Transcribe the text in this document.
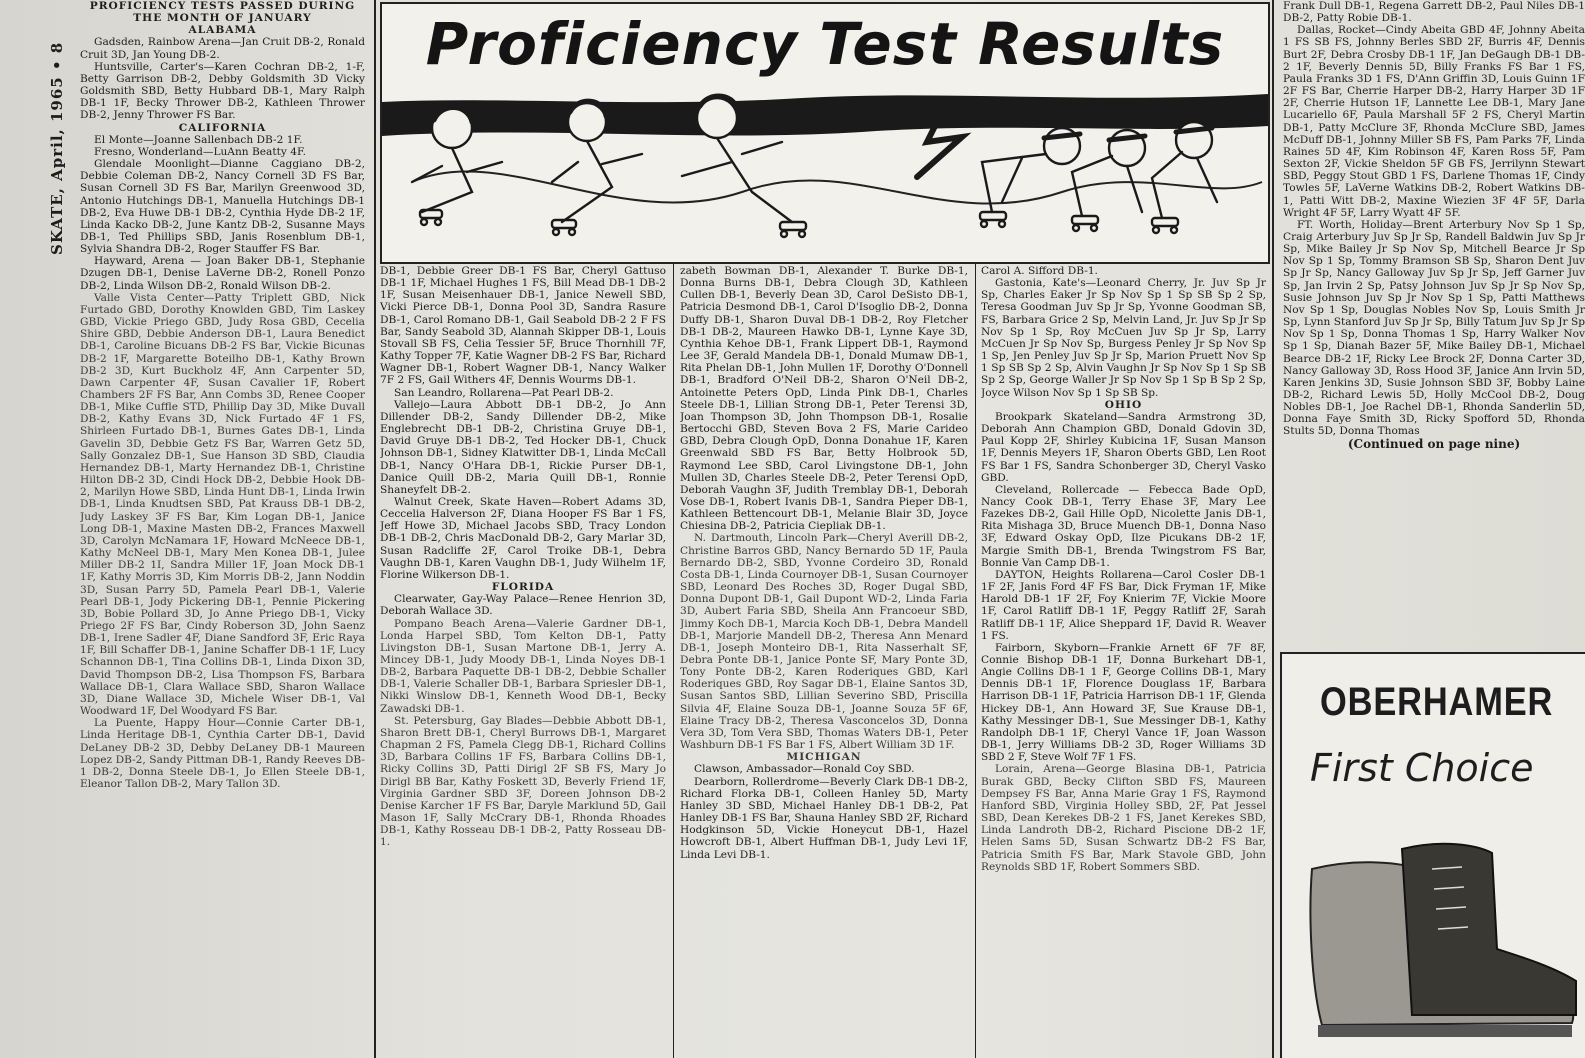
SKATE, April, 1965 • 8

PROFICIENCY TESTS PASSED DURING THE MONTH OF JANUARY

ALABAMA

Gadsden, Rainbow Arena—Jan Cruit DB-2, Ronald Cruit 3D, Jan Young DB-2.

Huntsville, Carter's—Karen Cochran DB-2, 1-F, Betty Garrison DB-2, Debby Goldsmith 3D Vicky Goldsmith SBD, Betty Hubbard DB-1, Mary Ralph DB-1 1F, Becky Thrower DB-2, Kathleen Thrower DB-2, Jenny Thrower FS Bar.

CALIFORNIA

El Monte—Joanne Sallenbach DB-2 1F.

Fresno, Wonderland—LuAnn Beatty 4F.

Glendale Moonlight—Dianne Caggiano DB-2, Debbie Coleman DB-2, Nancy Cornell 3D FS Bar, Susan Cornell 3D FS Bar, Marilyn Greenwood 3D, Antonio Hutchings DB-1, Manuella Hutchings DB-1 DB-2, Eva Huwe DB-1 DB-2, Cynthia Hyde DB-2 1F, Linda Kacko DB-2, June Kantz DB-2, Susanne Mays DB-1, Ted Phillips SBD, Janis Rosenblum DB-1, Sylvia Shandra DB-2, Roger Stauffer FS Bar.

Hayward, Arena — Joan Baker DB-1, Stephanie Dzugen DB-1, Denise LaVerne DB-2, Ronell Ponzo DB-2, Linda Wilson DB-2, Ronald Wilson DB-2.

Valle Vista Center—Patty Triplett GBD, Nick Furtado GBD, Dorothy Knowlden GBD, Tim Laskey GBD, Vickie Priego GBD, Judy Rosa GBD, Cecelia Shire GBD, Debbie Anderson DB-1, Laura Benedict DB-1, Caroline Bicuans DB-2 FS Bar, Vickie Bicunas DB-2 1F, Margarette Boteilho DB-1, Kathy Brown DB-2 3D, Kurt Buckholz 4F, Ann Carpenter 5D, Dawn Carpenter 4F, Susan Cavalier 1F, Robert Chambers 2F FS Bar, Ann Combs 3D, Renee Cooper DB-1, Mike Cuffle STD, Phillip Day 3D, Mike Duvall DB-2, Kathy Evans 3D, Nick Furtado 4F 1 FS, Shirleen Furtado DB-1, Burnes Gates DB-1, Linda Gavelin 3D, Debbie Getz FS Bar, Warren Getz 5D, Sally Gonzalez DB-1, Sue Hanson 3D SBD, Claudia Hernandez DB-1, Marty Hernandez DB-1, Christine Hilton DB-2 3D, Cindi Hock DB-2, Debbie Hook DB-2, Marilyn Howe SBD, Linda Hunt DB-1, Linda Irwin DB-1, Linda Knudtsen SBD, Pat Krauss DB-1 DB-2, Judy Laskey 3F FS Bar, Kim Logan DB-1, Janice Long DB-1, Maxine Masten DB-2, Frances Maxwell 3D, Carolyn McNamara 1F, Howard McNeece DB-1, Kathy McNeel DB-1, Mary Men Konea DB-1, Julee Miller DB-2 1I, Sandra Miller 1F, Joan Mock DB-1 1F, Kathy Morris 3D, Kim Morris DB-2, Jann Noddin 3D, Susan Parry 5D, Pamela Pearl DB-1, Valerie Pearl DB-1, Jody Pickering DB-1, Pennie Pickering 3D, Bobie Pollard 3D, Jo Anne Priego DB-1, Vicky Priego 2F FS Bar, Cindy Roberson 3D, John Saenz DB-1, Irene Sadler 4F, Diane Sandford 3F, Eric Raya 1F, Bill Schaffer DB-1, Janine Schaffer DB-1 1F, Lucy Schannon DB-1, Tina Collins DB-1, Linda Dixon 3D, David Thompson DB-2, Lisa Thompson FS, Barbara Wallace DB-1, Clara Wallace SBD, Sharon Wallace 3D, Diane Wallace 3D, Michele Wiser DB-1, Val Woodward 1F, Del Woodyard FS Bar.

La Puente, Happy Hour—Connie Carter DB-1, Linda Heritage DB-1, Cynthia Carter DB-1, David DeLaney DB-2 3D, Debby DeLaney DB-1 Maureen Lopez DB-2, Sandy Pittman DB-1, Randy Reeves DB-1 DB-2, Donna Steele DB-1, Jo Ellen Steele DB-1, Eleanor Tallon DB-2, Mary Tallon 3D.

Proficiency Test Results

DB-1, Debbie Greer DB-1 FS Bar, Cheryl Gattuso DB-1 1F, Michael Hughes 1 FS, Bill Mead DB-1 DB-2 1F, Susan Meisenhauer DB-1, Janice Newell SBD, Vicki Pierce DB-1, Donna Pool 3D, Sandra Rasure DB-1, Carol Romano DB-1, Gail Seabold DB-2 2 F FS Bar, Sandy Seabold 3D, Alannah Skipper DB-1, Louis Stovall SB FS, Celia Tessier 5F, Bruce Thornhill 7F, Kathy Topper 7F, Katie Wagner DB-2 FS Bar, Richard Wagner DB-1, Robert Wagner DB-1, Nancy Walker 7F 2 FS, Gail Withers 4F, Dennis Wourms DB-1.

San Leandro, Rollarena—Pat Pearl DB-2.

Vallejo—Laura Abbott DB-1 DB-2, Jo Ann Dillender DB-2, Sandy Dillender DB-2, Mike Englebrecht DB-1 DB-2, Christina Gruye DB-1, David Gruye DB-1 DB-2, Ted Hocker DB-1, Chuck Johnson DB-1, Sidney Klatwitter DB-1, Linda McCall DB-1, Nancy O'Hara DB-1, Rickie Purser DB-1, Danice Quill DB-2, Maria Quill DB-1, Ronnie Shaneyfelt DB-2.

Walnut Creek, Skate Haven—Robert Adams 3D, Ceccelia Halverson 2F, Diana Hooper FS Bar 1 FS, Jeff Howe 3D, Michael Jacobs SBD, Tracy London DB-1 DB-2, Chris MacDonald DB-2, Gary Marlar 3D, Susan Radcliffe 2F, Carol Troike DB-1, Debra Vaughn DB-1, Karen Vaughn DB-1, Judy Wilhelm 1F, Florine Wilkerson DB-1.

FLORIDA

Clearwater, Gay-Way Palace—Renee Henrion 3D, Deborah Wallace 3D.

Pompano Beach Arena—Valerie Gardner DB-1, Londa Harpel SBD, Tom Kelton DB-1, Patty Livingston DB-1, Susan Martone DB-1, Jerry A. Mincey DB-1, Judy Moody DB-1, Linda Noyes DB-1 DB-2, Barbara Paquette DB-1 DB-2, Debbie Schaller DB-1, Valerie Schaller DB-1, Barbara Spriesler DB-1, Nikki Winslow DB-1, Kenneth Wood DB-1, Becky Zawadski DB-1.

St. Petersburg, Gay Blades—Debbie Abbott DB-1, Sharon Brett DB-1, Cheryl Burrows DB-1, Margaret Chapman 2 FS, Pamela Clegg DB-1, Richard Collins 3D, Barbara Collins 1F FS, Barbara Collins DB-1, Ricky Collins 3D, Patti Dirigl 2F SB FS, Mary Jo Dirigl BB Bar, Kathy Foskett 3D, Beverly Friend 1F, Virginia Gardner SBD 3F, Doreen Johnson DB-2 Denise Karcher 1F FS Bar, Daryle Marklund 5D, Gail Mason 1F, Sally McCrary DB-1, Rhonda Rhoades DB-1, Kathy Rosseau DB-1 DB-2, Patty Rosseau DB-1.

zabeth Bowman DB-1, Alexander T. Burke DB-1, Donna Burns DB-1, Debra Clough 3D, Kathleen Cullen DB-1, Beverly Dean 3D, Carol DeSisto DB-1, Patricia Desmond DB-1, Carol D'Isoglio DB-2, Donna Duffy DB-1, Sharon Duval DB-1 DB-2, Roy Fletcher DB-1 DB-2, Maureen Hawko DB-1, Lynne Kaye 3D, Cynthia Kehoe DB-1, Frank Lippert DB-1, Raymond Lee 3F, Gerald Mandela DB-1, Donald Mumaw DB-1, Rita Phelan DB-1, John Mullen 1F, Dorothy O'Donnell DB-1, Bradford O'Neil DB-2, Sharon O'Neil DB-2, Antoinette Peters OpD, Linda Pink DB-1, Charles Steele DB-1, Lillian Strong DB-1, Peter Terensi 3D, Joan Thompson 3D, John Thompson DB-1, Rosalie Bertocchi GBD, Steven Bova 2 FS, Marie Carideo GBD, Debra Clough OpD, Donna Donahue 1F, Karen Greenwald SBD FS Bar, Betty Holbrook 5D, Raymond Lee SBD, Carol Livingstone DB-1, John Mullen 3D, Charles Steele DB-2, Peter Terensi OpD, Deborah Vaughn 3F, Judith Tremblay DB-1, Deborah Vose DB-1, Robert Ivanis DB-1, Sandra Pieper DB-1, Kathleen Bettencourt DB-1, Melanie Blair 3D, Joyce Chiesina DB-2, Patricia Ciepliak DB-1.

N. Dartmouth, Lincoln Park—Cheryl Averill DB-2, Christine Barros GBD, Nancy Bernardo 5D 1F, Paula Bernardo DB-2, SBD, Yvonne Cordeiro 3D, Ronald Costa DB-1, Linda Cournoyer DB-1, Susan Cournoyer SBD, Leonard Des Roches 3D, Roger Dugal SBD, Donna Dupont DB-1, Gail Dupont WD-2, Linda Faria 3D, Aubert Faria SBD, Sheila Ann Francoeur SBD, Jimmy Koch DB-1, Marcia Koch DB-1, Debra Mandell DB-1, Marjorie Mandell DB-2, Theresa Ann Menard DB-1, Joseph Monteiro DB-1, Rita Nasserhalt SF, Debra Ponte DB-1, Janice Ponte SF, Mary Ponte 3D, Tony Ponte DB-2, Karen Roderiques GBD, Karl Roderiques GBD, Roy Sagar DB-1, Elaine Santos 3D, Susan Santos SBD, Lillian Severino SBD, Priscilla Silvia 4F, Elaine Souza DB-1, Joanne Souza 5F 6F, Elaine Tracy DB-2, Theresa Vasconcelos 3D, Donna Vera 3D, Tom Vera SBD, Thomas Waters DB-1, Peter Washburn DB-1 FS Bar 1 FS, Albert William 3D 1F.

MICHIGAN

Clawson, Ambassador—Ronald Coy SBD.

Dearborn, Rollerdrome—Beverly Clark DB-1 DB-2, Richard Florka DB-1, Colleen Hanley 5D, Marty Hanley 3D SBD, Michael Hanley DB-1 DB-2, Pat Hanley DB-1 FS Bar, Shauna Hanley SBD 2F, Richard Hodgkinson 5D, Vickie Honeycut DB-1, Hazel Howcroft DB-1, Albert Huffman DB-1, Judy Levi 1F, Linda Levi DB-1.

Carol A. Sifford DB-1.

Gastonia, Kate's—Leonard Cherry, Jr. Juv Sp Jr Sp, Charles Eaker Jr Sp Nov Sp 1 Sp SB Sp 2 Sp, Teresa Goodman Juv Sp Jr Sp, Yvonne Goodman SB, FS, Barbara Grice 2 Sp, Melvin Land, Jr. Juv Sp Jr Sp Nov Sp 1 Sp, Roy McCuen Juv Sp Jr Sp, Larry McCuen Jr Sp Nov Sp, Burgess Penley Jr Sp Nov Sp 1 Sp, Jen Penley Juv Sp Jr Sp, Marion Pruett Nov Sp 1 Sp SB Sp 2 Sp, Alvin Vaughn Jr Sp Nov Sp 1 Sp SB Sp 2 Sp, George Waller Jr Sp Nov Sp 1 Sp B Sp 2 Sp, Joyce Wilson Nov Sp 1 Sp SB Sp.

OHIO

Brookpark Skateland—Sandra Armstrong 3D, Deborah Ann Champion GBD, Donald Gdovin 3D, Paul Kopp 2F, Shirley Kubicina 1F, Susan Manson 1F, Dennis Meyers 1F, Sharon Oberts GBD, Len Root FS Bar 1 FS, Sandra Schonberger 3D, Cheryl Vasko GBD.

Cleveland, Rollercade — Febecca Bade OpD, Nancy Cook DB-1, Terry Ehase 3F, Mary Lee Fazekes DB-2, Gail Hille OpD, Nicolette Janis DB-1, Rita Mishaga 3D, Bruce Muench DB-1, Donna Naso 3F, Edward Oskay OpD, Ilze Picukans DB-2 1F, Margie Smith DB-1, Brenda Twingstrom FS Bar, Bonnie Van Camp DB-1.

DAYTON, Heights Rollarena—Carol Cosler DB-1 1F 2F, Janis Ford 4F FS Bar, Dick Fryman 1F, Mike Harold DB-1 1F 2F, Foy Knierim 7F, Vickie Moore 1F, Carol Ratliff DB-1 1F, Peggy Ratliff 2F, Sarah Ratliff DB-1 1F, Alice Sheppard 1F, David R. Weaver 1 FS.

Fairborn, Skyborn—Frankie Arnett 6F 7F 8F, Connie Bishop DB-1 1F, Donna Burkehart DB-1, Angie Collins DB-1 1 F, George Collins DB-1, Mary Dennis DB-1 1F, Florence Douglass 1F, Barbara Harrison DB-1 1F, Patricia Harrison DB-1 1F, Glenda Hickey DB-1, Ann Howard 3F, Sue Krause DB-1, Kathy Messinger DB-1, Sue Messinger DB-1, Kathy Randolph DB-1 1F, Cheryl Vance 1F, Joan Wasson DB-1, Jerry Williams DB-2 3D, Roger Williams 3D SBD 2 F, Steve Wolf 7F 1 FS.

Lorain, Arena—George Blasina DB-1, Patricia Burak GBD, Becky Clifton SBD FS, Maureen Dempsey FS Bar, Anna Marie Gray 1 FS, Raymond Hanford SBD, Virginia Holley SBD, 2F, Pat Jessel SBD, Dean Kerekes DB-2 1 FS, Janet Kerekes SBD, Linda Landroth DB-2, Richard Piscione DB-2 1F, Helen Sams 5D, Susan Schwartz DB-2 FS Bar, Patricia Smith FS Bar, Mark Stavole GBD, John Reynolds SBD 1F, Robert Sommers SBD.

Frank Dull DB-1, Regena Garrett DB-2, Paul Niles DB-1 DB-2, Patty Robie DB-1.

Dallas, Rocket—Cindy Abeita GBD 4F, Johnny Abeita 1 FS SB FS, Johnny Berles SBD 2F, Burris 4F, Dennis Burt 2F, Debra Crosby DB-1 1F, Jan DeGaugh DB-1 DB-2 1F, Beverly Dennis 5D, Billy Franks FS Bar 1 FS, Paula Franks 3D 1 FS, D'Ann Griffin 3D, Louis Guinn 1F 2F FS Bar, Cherrie Harper DB-2, Harry Harper 3D 1F 2F, Cherrie Hutson 1F, Lannette Lee DB-1, Mary Jane Lucariello 6F, Paula Marshall 5F 2 FS, Cheryl Martin DB-1, Patty McClure 3F, Rhonda McClure SBD, James McDuff DB-1, Johnny Miller SB FS, Pam Parks 7F, Linda Raines 5D 4F, Kim Robinson 4F, Karen Ross 5F, Pam Sexton 2F, Vickie Sheldon 5F GB FS, Jerrilynn Stewart SBD, Peggy Stout GBD 1 FS, Darlene Thomas 1F, Cindy Towles 5F, LaVerne Watkins DB-2, Robert Watkins DB-1, Patti Witt DB-2, Maxine Wiezien 3F 4F 5F, Darla Wright 4F 5F, Larry Wyatt 4F 5F.

FT. Worth, Holiday—Brent Arterbury Nov Sp 1 Sp, Craig Arterbury Juv Sp Jr Sp, Randell Baldwin Juv Sp Jr Sp, Mike Bailey Jr Sp Nov Sp, Mitchell Bearce Jr Sp Nov Sp 1 Sp, Tommy Bramson SB Sp, Sharon Dent Juv Sp Jr Sp, Nancy Galloway Juv Sp Jr Sp, Jeff Garner Juv Sp, Jan Irvin 2 Sp, Patsy Johnson Juv Sp Jr Sp Nov Sp, Susie Johnson Juv Sp Jr Nov Sp 1 Sp, Patti Matthews Nov Sp 1 Sp, Douglas Nobles Nov Sp, Louis Smith Jr Sp, Lynn Stanford Juv Sp Jr Sp, Billy Tatum Juv Sp Jr Sp Nov Sp 1 Sp, Donna Thomas 1 Sp, Harry Walker Nov Sp 1 Sp, Dianah Bazer 5F, Mike Bailey DB-1, Michael Bearce DB-2 1F, Ricky Lee Brock 2F, Donna Carter 3D, Nancy Galloway 3D, Ross Hood 3F, Janice Ann Irvin 5D, Karen Jenkins 3D, Susie Johnson SBD 3F, Bobby Laine DB-2, Richard Lewis 5D, Holly McCool DB-2, Doug Nobles DB-1, Joe Rachel DB-1, Rhonda Sanderlin 5D, Donna Faye Smith 3D, Ricky Spofford 5D, Rhonda Stults 5D, Donna Thomas

(Continued on page nine)

OBERHAMER
First Choice
